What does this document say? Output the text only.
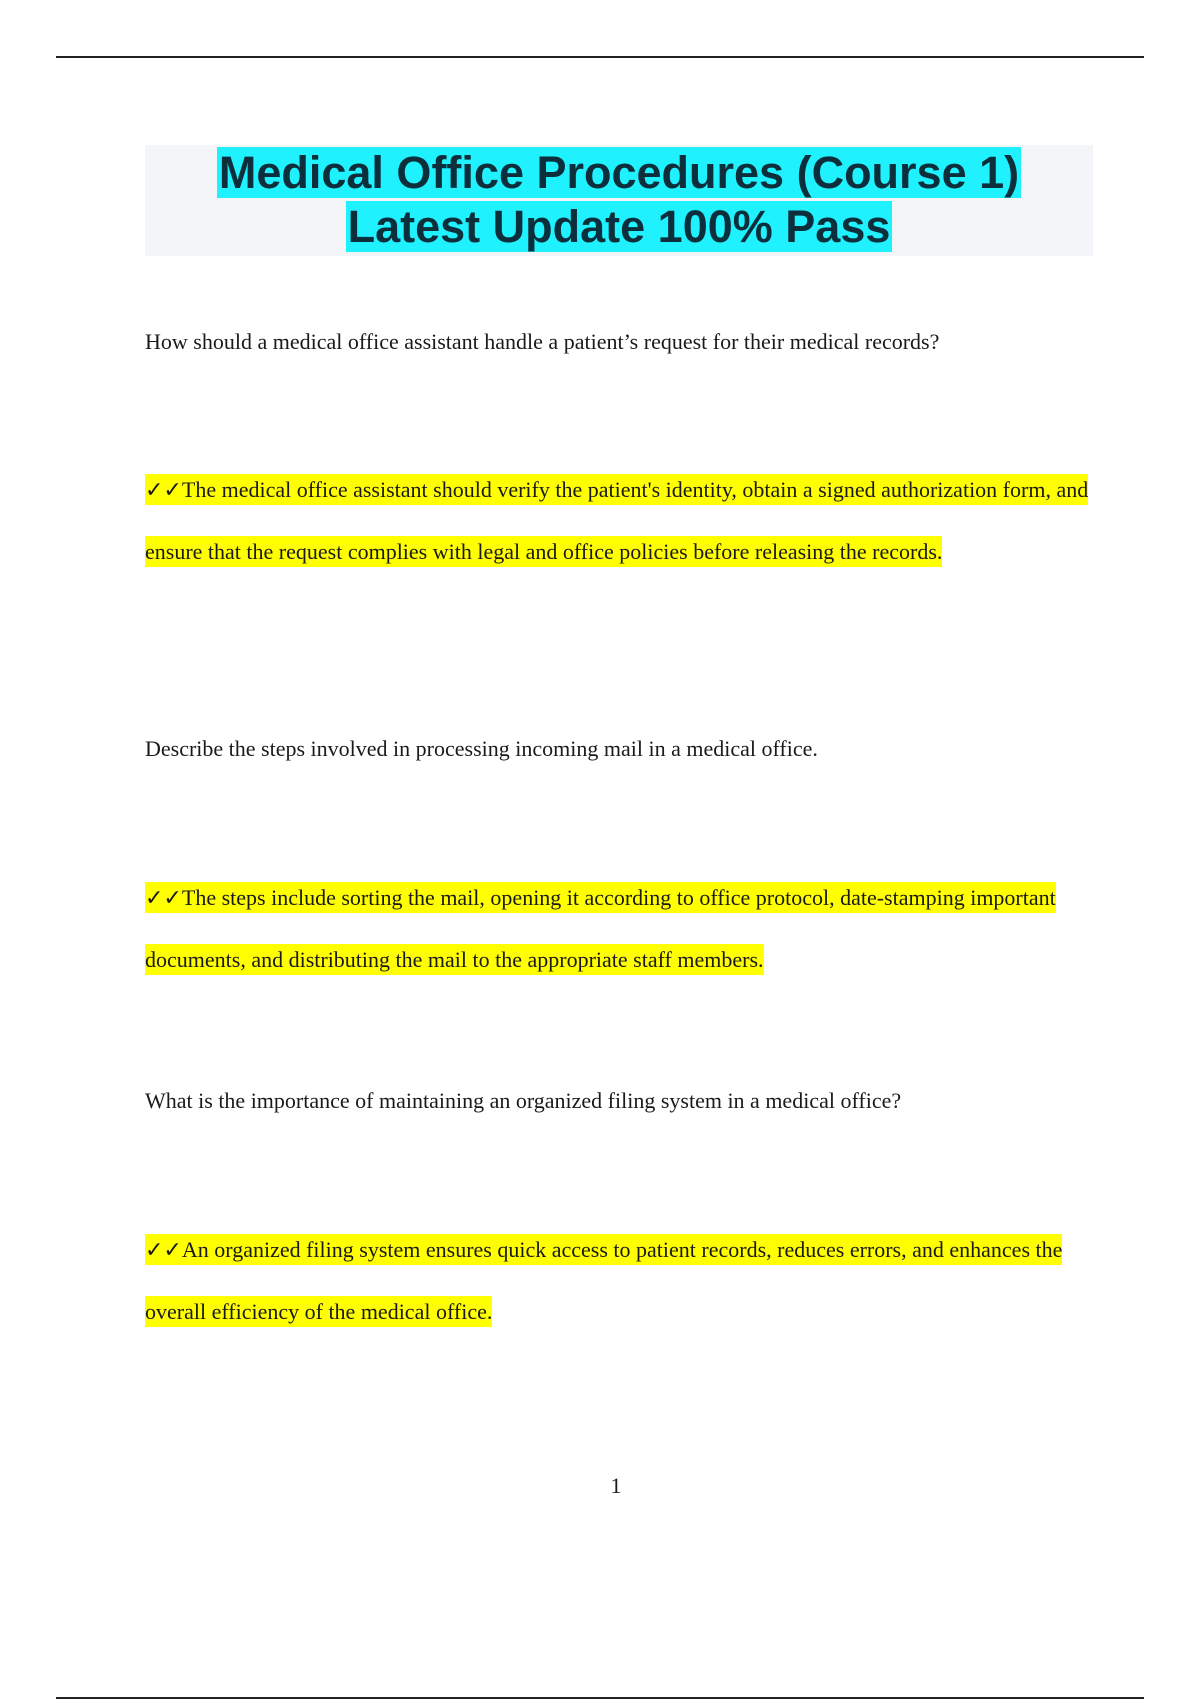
Medical Office Procedures (Course 1)
Latest Update 100% Pass

How should a medical office assistant handle a patient’s request for their medical records?

✓✓The medical office assistant should verify the patient's identity, obtain a signed authorization form, and ensure that the request complies with legal and office policies before releasing the records.

Describe the steps involved in processing incoming mail in a medical office.

✓✓The steps include sorting the mail, opening it according to office protocol, date-stamping important documents, and distributing the mail to the appropriate staff members.

What is the importance of maintaining an organized filing system in a medical office?

✓✓An organized filing system ensures quick access to patient records, reduces errors, and enhances the overall efficiency of the medical office.

1
